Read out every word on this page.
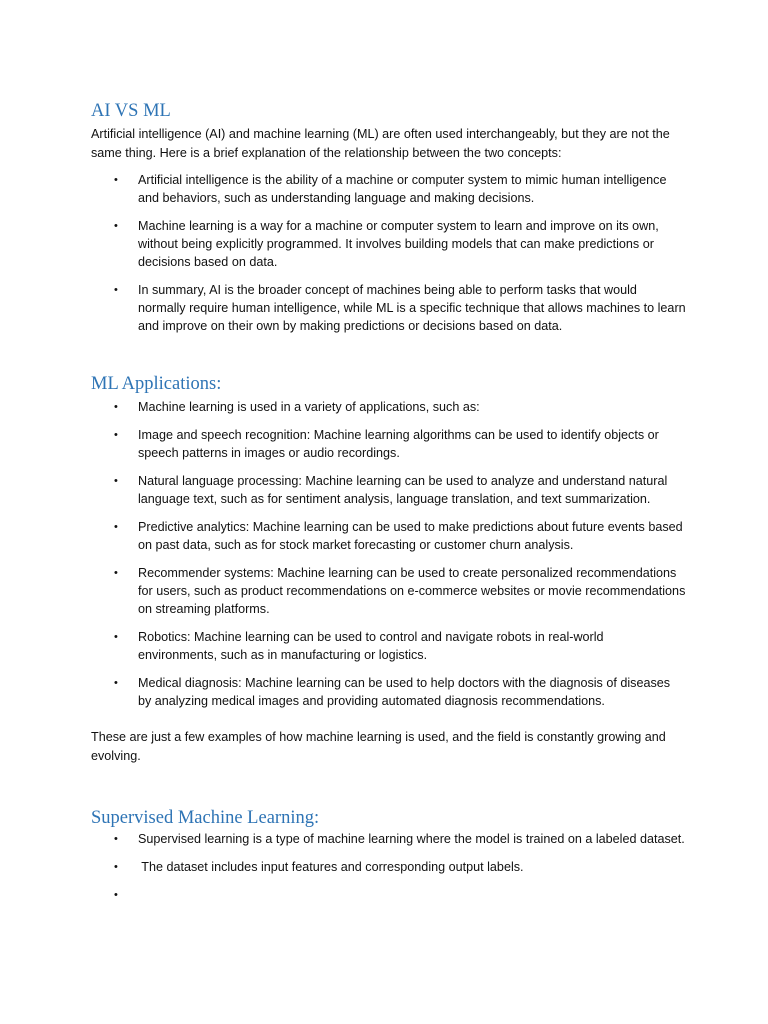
AI VS ML

Artificial intelligence (AI) and machine learning (ML) are often used interchangeably, but they are not the same thing. Here is a brief explanation of the relationship between the two concepts:

• Artificial intelligence is the ability of a machine or computer system to mimic human intelligence and behaviors, such as understanding language and making decisions.
• Machine learning is a way for a machine or computer system to learn and improve on its own, without being explicitly programmed. It involves building models that can make predictions or decisions based on data.
• In summary, AI is the broader concept of machines being able to perform tasks that would normally require human intelligence, while ML is a specific technique that allows machines to learn and improve on their own by making predictions or decisions based on data.
ML Applications:
• Machine learning is used in a variety of applications, such as:
• Image and speech recognition: Machine learning algorithms can be used to identify objects or speech patterns in images or audio recordings.
• Natural language processing: Machine learning can be used to analyze and understand natural language text, such as for sentiment analysis, language translation, and text summarization.
• Predictive analytics: Machine learning can be used to make predictions about future events based on past data, such as for stock market forecasting or customer churn analysis.
• Recommender systems: Machine learning can be used to create personalized recommendations for users, such as product recommendations on e-commerce websites or movie recommendations on streaming platforms.
• Robotics: Machine learning can be used to control and navigate robots in real-world environments, such as in manufacturing or logistics.
• Medical diagnosis: Machine learning can be used to help doctors with the diagnosis of diseases by analyzing medical images and providing automated diagnosis recommendations.

These are just a few examples of how machine learning is used, and the field is constantly growing and evolving.

Supervised Machine Learning:
• Supervised learning is a type of machine learning where the model is trained on a labeled dataset.
• The dataset includes input features and corresponding output labels.
•
